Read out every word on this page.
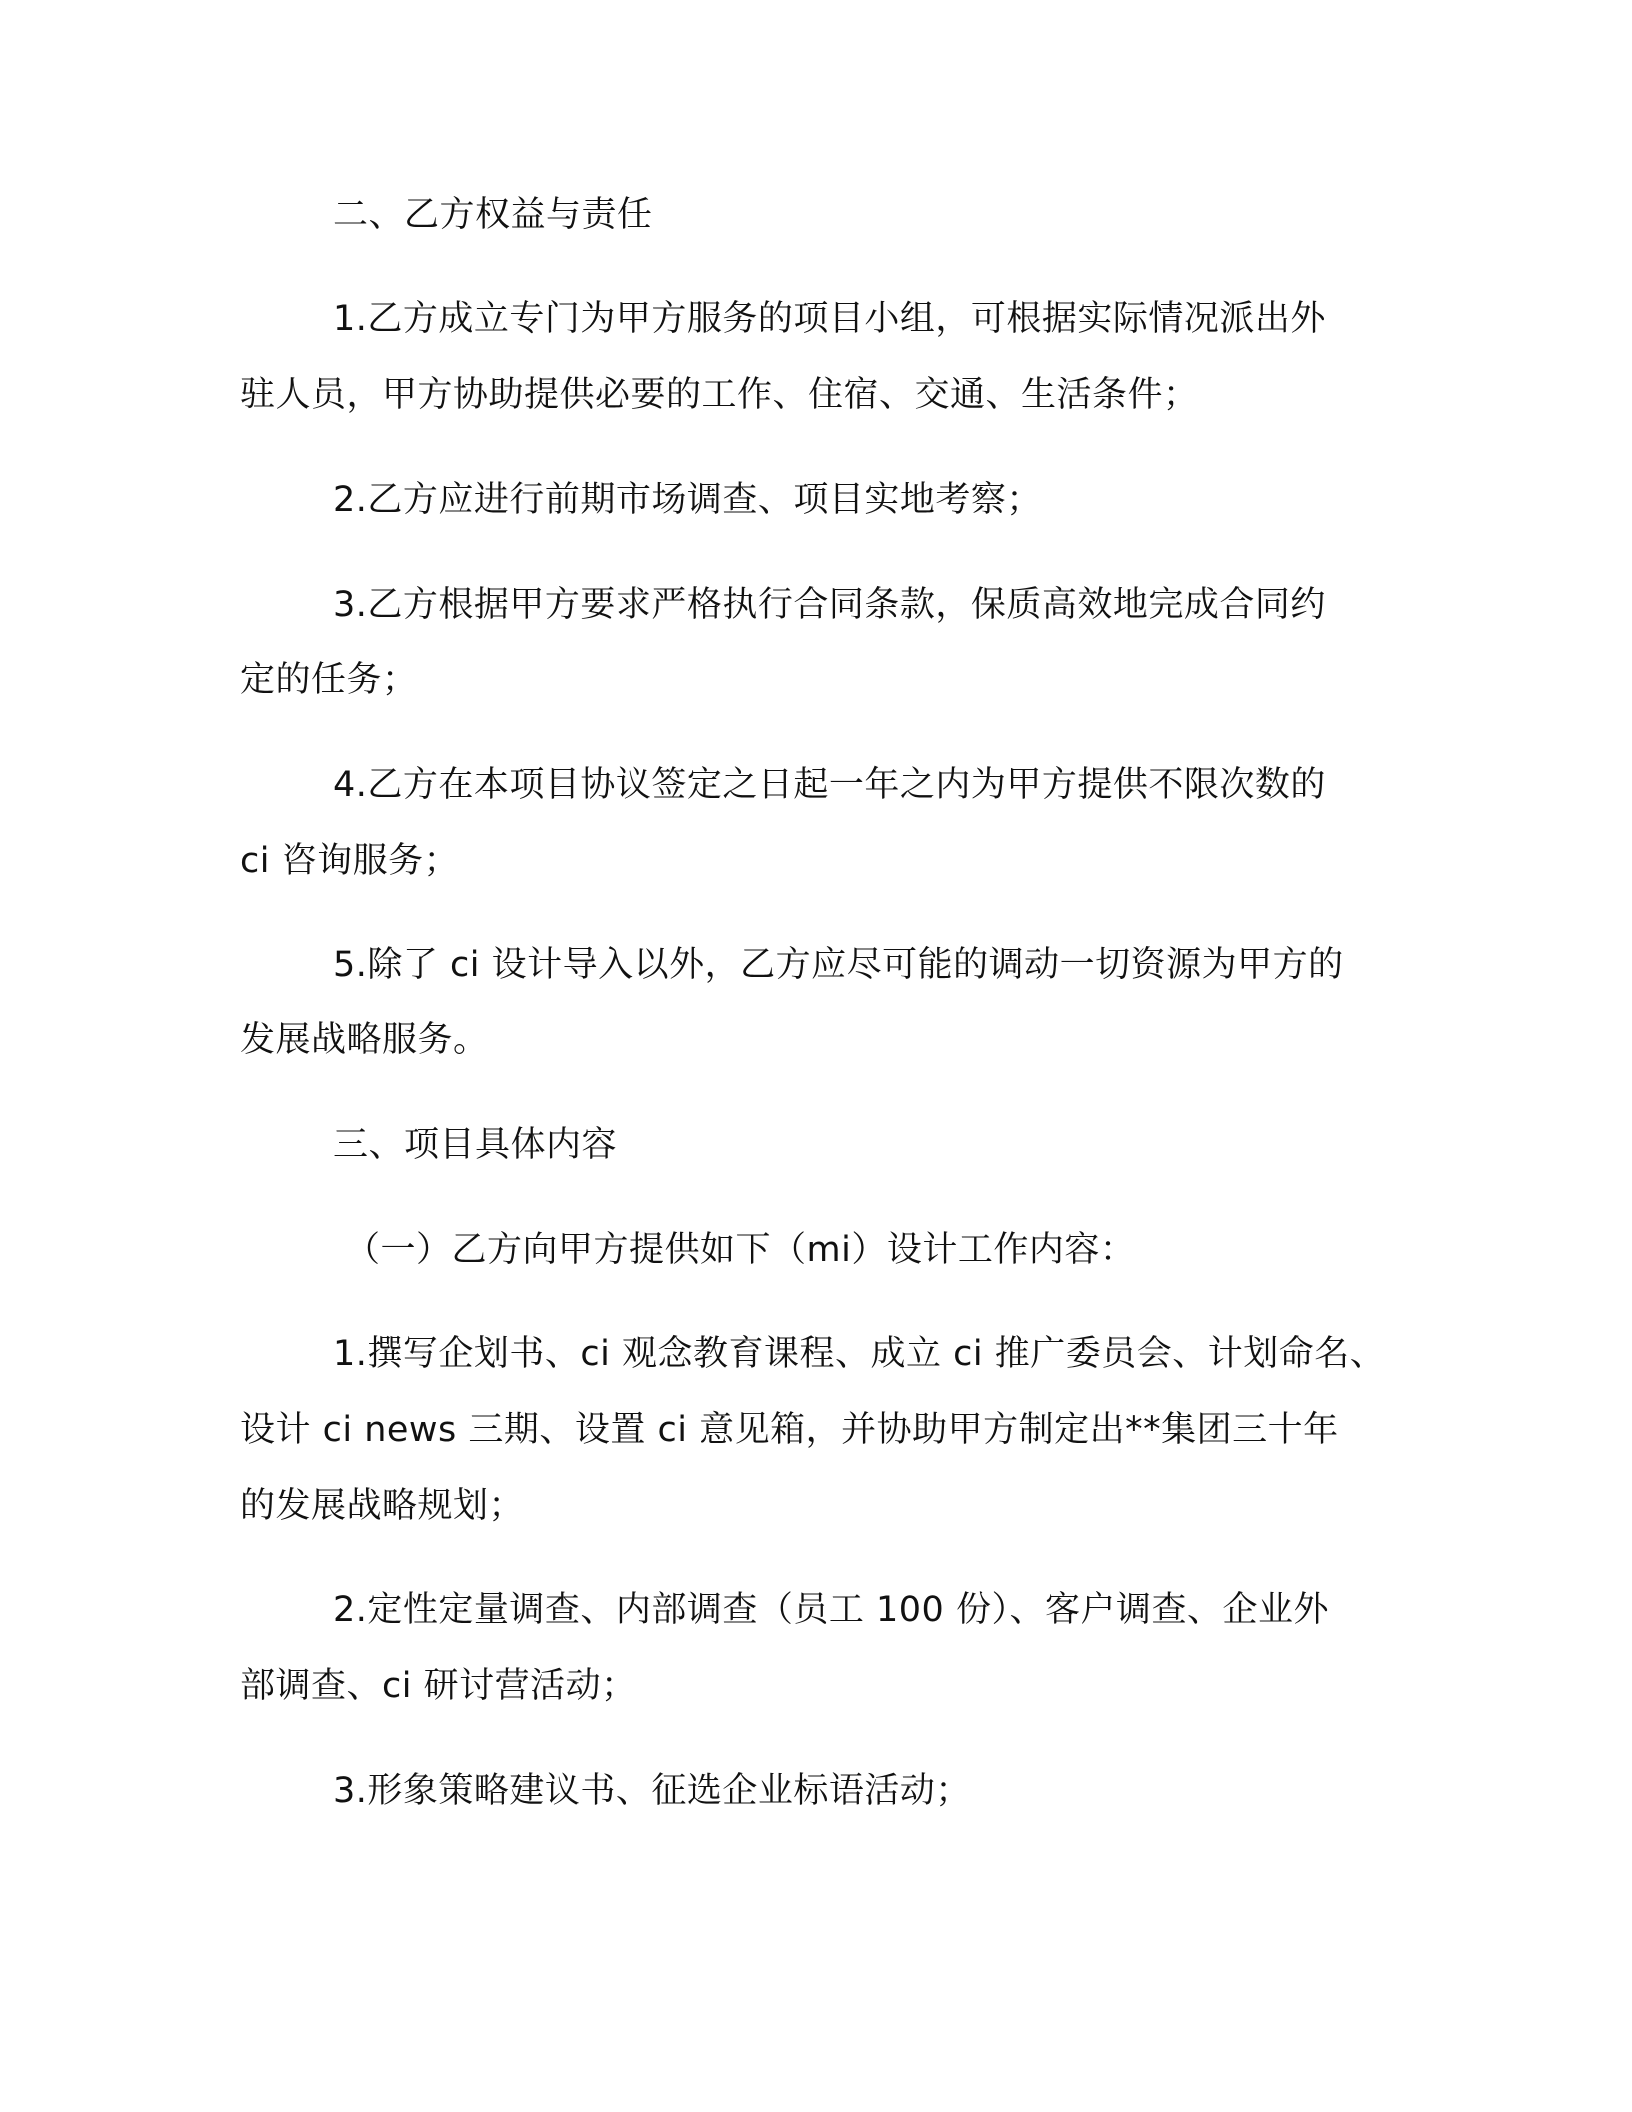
二、乙方权益与责任
1.乙方成立专门为甲方服务的项目小组，可根据实际情况派出外
驻人员，甲方协助提供必要的工作、住宿、交通、生活条件；
2.乙方应进行前期市场调查、项目实地考察；
3.乙方根据甲方要求严格执行合同条款，保质高效地完成合同约
定的任务；
4.乙方在本项目协议签定之日起一年之内为甲方提供不限次数的
ci 咨询服务；
5.除了 ci 设计导入以外，乙方应尽可能的调动一切资源为甲方的
发展战略服务。
三、项目具体内容
（一）乙方向甲方提供如下（mi）设计工作内容：
1.撰写企划书、ci 观念教育课程、成立 ci 推广委员会、计划命名、
设计 ci news 三期、设置 ci 意见箱，并协助甲方制定出**集团三十年
的发展战略规划；
2.定性定量调查、内部调查（员工 100 份）、客户调查、企业外
部调查、ci 研讨营活动；
3.形象策略建议书、征选企业标语活动；
